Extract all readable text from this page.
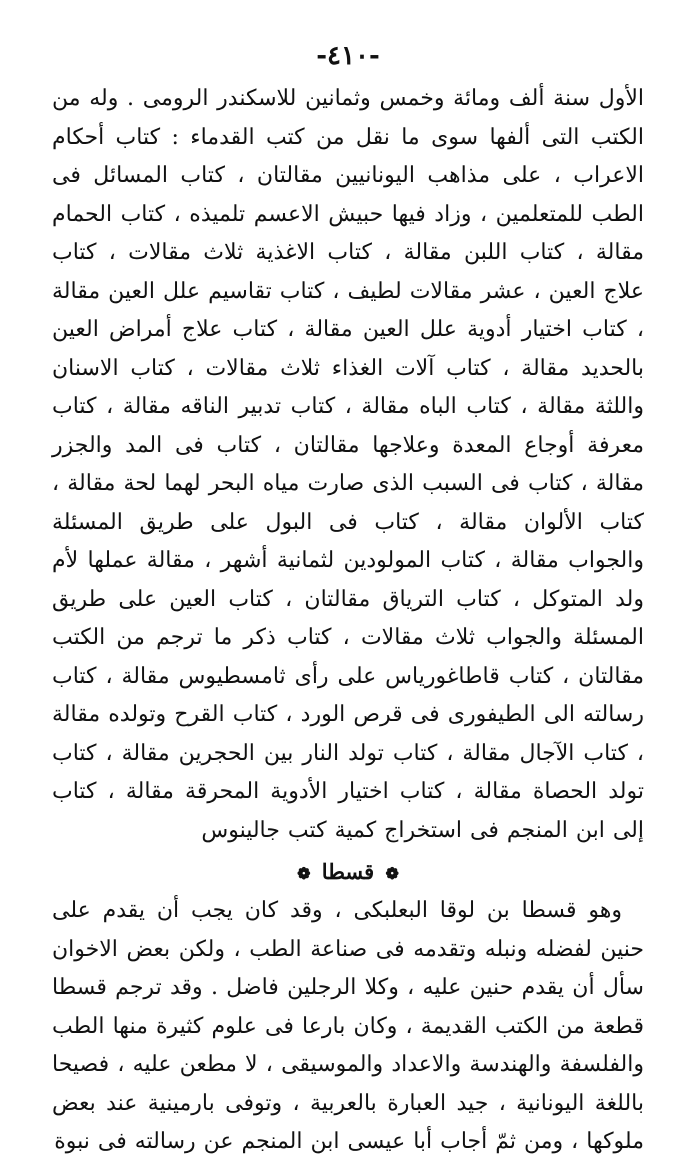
-٤١٠-

الأول سنة ألف ومائة وخمس وثمانين للاسكندر الرومى . وله من الكتب التى ألفها سوى ما نقل من كتب القدماء : كتاب أحكام الاعراب ، على مذاهب اليونانيين مقالتان ، كتاب المسائل فى الطب للمتعلمين ، وزاد فيها حبيش الاعسم تلميذه ، كتاب الحمام مقالة ، كتاب اللبن مقالة ، كتاب الاغذية ثلاث مقالات ، كتاب علاج العين ، عشر مقالات لطيف ، كتاب تقاسيم علل العين مقالة ، كتاب اختيار أدوية علل العين مقالة ، كتاب علاج أمراض العين بالحديد مقالة ، كتاب آلات الغذاء ثلاث مقالات ، كتاب الاسنان واللثة مقالة ، كتاب الباه مقالة ، كتاب تدبير الناقه مقالة ، كتاب معرفة أوجاع المعدة وعلاجها مقالتان ، كتاب فى المد والجزر مقالة ، كتاب فى السبب الذى صارت مياه البحر لهما لحة مقالة ، كتاب الألوان مقالة ، كتاب فى البول على طريق المسئلة والجواب مقالة ، كتاب المولودين لثمانية أشهر ، مقالة عملها لأم ولد المتوكل ، كتاب الترياق مقالتان ، كتاب العين على طريق المسئلة والجواب ثلاث مقالات ، كتاب ذكر ما ترجم من الكتب مقالتان ، كتاب قاطاغورياس على رأى ثامسطيوس مقالة ، كتاب رسالته الى الطيفورى فى قرص الورد ، كتاب القرح وتولده مقالة ، كتاب الآجال مقالة ، كتاب تولد النار بين الحجرين مقالة ، كتاب تولد الحصاة مقالة ، كتاب اختيار الأدوية المحرقة مقالة ، كتاب إلى ابن المنجم فى استخراج كمية كتب جالينوس

❁ قسطا ❁

وهو قسطا بن لوقا البعلبكى ، وقد كان يجب أن يقدم على حنين لفضله ونبله وتقدمه فى صناعة الطب ، ولكن بعض الاخوان سأل أن يقدم حنين عليه ، وكلا الرجلين فاضل . وقد ترجم قسطا قطعة من الكتب القديمة ، وكان بارعا فى علوم كثيرة منها الطب والفلسفة والهندسة والاعداد والموسيقى ، لا مطعن عليه ، فصيحا باللغة اليونانية ، جيد العبارة بالعربية ، وتوفى بارمينية عند بعض ملوكها ، ومن ثمّ أجاب أبا عيسى ابن المنجم عن رسالته فى نبوة
